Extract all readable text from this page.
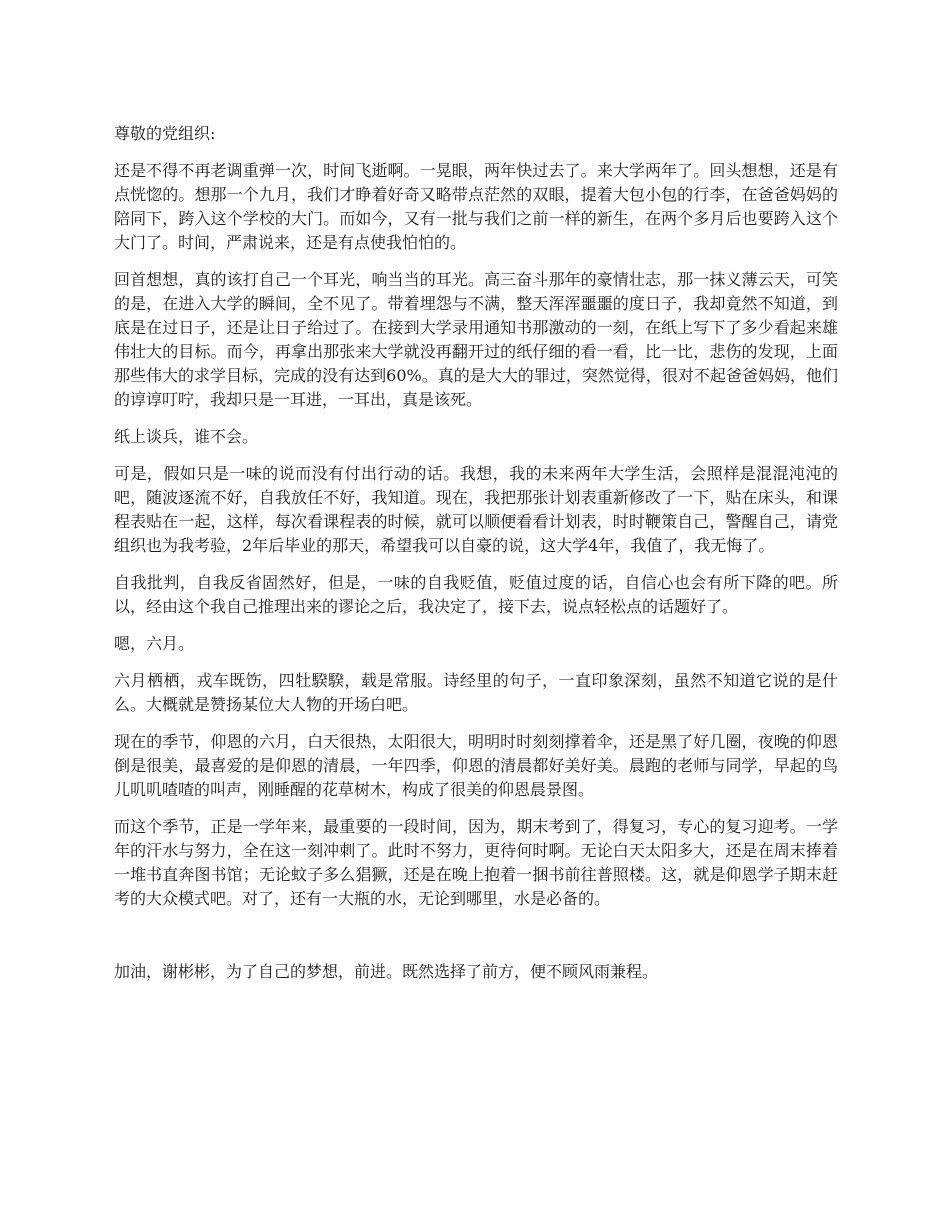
尊敬的党组织:

还是不得不再老调重弹一次，时间飞逝啊。一晃眼，两年快过去了。来大学两年了。回头想想，还是有点恍惚的。想那一个九月，我们才睁着好奇又略带点茫然的双眼，提着大包小包的行李，在爸爸妈妈的陪同下，跨入这个学校的大门。而如今，又有一批与我们之前一样的新生，在两个多月后也要跨入这个大门了。时间，严肃说来，还是有点使我怕怕的。

回首想想，真的该打自己一个耳光，响当当的耳光。高三奋斗那年的豪情壮志，那一抹义薄云天，可笑的是，在进入大学的瞬间，全不见了。带着埋怨与不满，整天浑浑噩噩的度日子，我却竟然不知道，到底是在过日子，还是让日子给过了。在接到大学录用通知书那激动的一刻，在纸上写下了多少看起来雄伟壮大的目标。而今，再拿出那张来大学就没再翻开过的纸仔细的看一看，比一比，悲伤的发现，上面那些伟大的求学目标，完成的没有达到60%。真的是大大的罪过，突然觉得，很对不起爸爸妈妈，他们的谆谆叮咛，我却只是一耳进，一耳出，真是该死。

纸上谈兵，谁不会。

可是，假如只是一味的说而没有付出行动的话。我想，我的未来两年大学生活，会照样是混混沌沌的吧，随波逐流不好，自我放任不好，我知道。现在，我把那张计划表重新修改了一下，贴在床头，和课程表贴在一起，这样，每次看课程表的时候，就可以顺便看看计划表，时时鞭策自己，警醒自己，请党组织也为我考验，2年后毕业的那天，希望我可以自豪的说，这大学4年，我值了，我无悔了。

自我批判，自我反省固然好，但是，一味的自我贬值，贬值过度的话，自信心也会有所下降的吧。所以，经由这个我自己推理出来的谬论之后，我决定了，接下去，说点轻松点的话题好了。

嗯，六月。

六月栖栖，戎车既饬，四牡騤騤，载是常服。诗经里的句子，一直印象深刻，虽然不知道它说的是什么。大概就是赞扬某位大人物的开场白吧。

现在的季节，仰恩的六月，白天很热，太阳很大，明明时时刻刻撑着伞，还是黑了好几圈，夜晚的仰恩倒是很美，最喜爱的是仰恩的清晨，一年四季，仰恩的清晨都好美好美。晨跑的老师与同学，早起的鸟儿叽叽喳喳的叫声，刚睡醒的花草树木，构成了很美的仰恩晨景图。

而这个季节，正是一学年来，最重要的一段时间，因为，期末考到了，得复习，专心的复习迎考。一学年的汗水与努力，全在这一刻冲刺了。此时不努力，更待何时啊。无论白天太阳多大，还是在周末捧着一堆书直奔图书馆；无论蚊子多么猖獗，还是在晚上抱着一捆书前往普照楼。这，就是仰恩学子期末赶考的大众模式吧。对了，还有一大瓶的水，无论到哪里，水是必备的。

加油，谢彬彬，为了自己的梦想，前进。既然选择了前方，便不顾风雨兼程。
